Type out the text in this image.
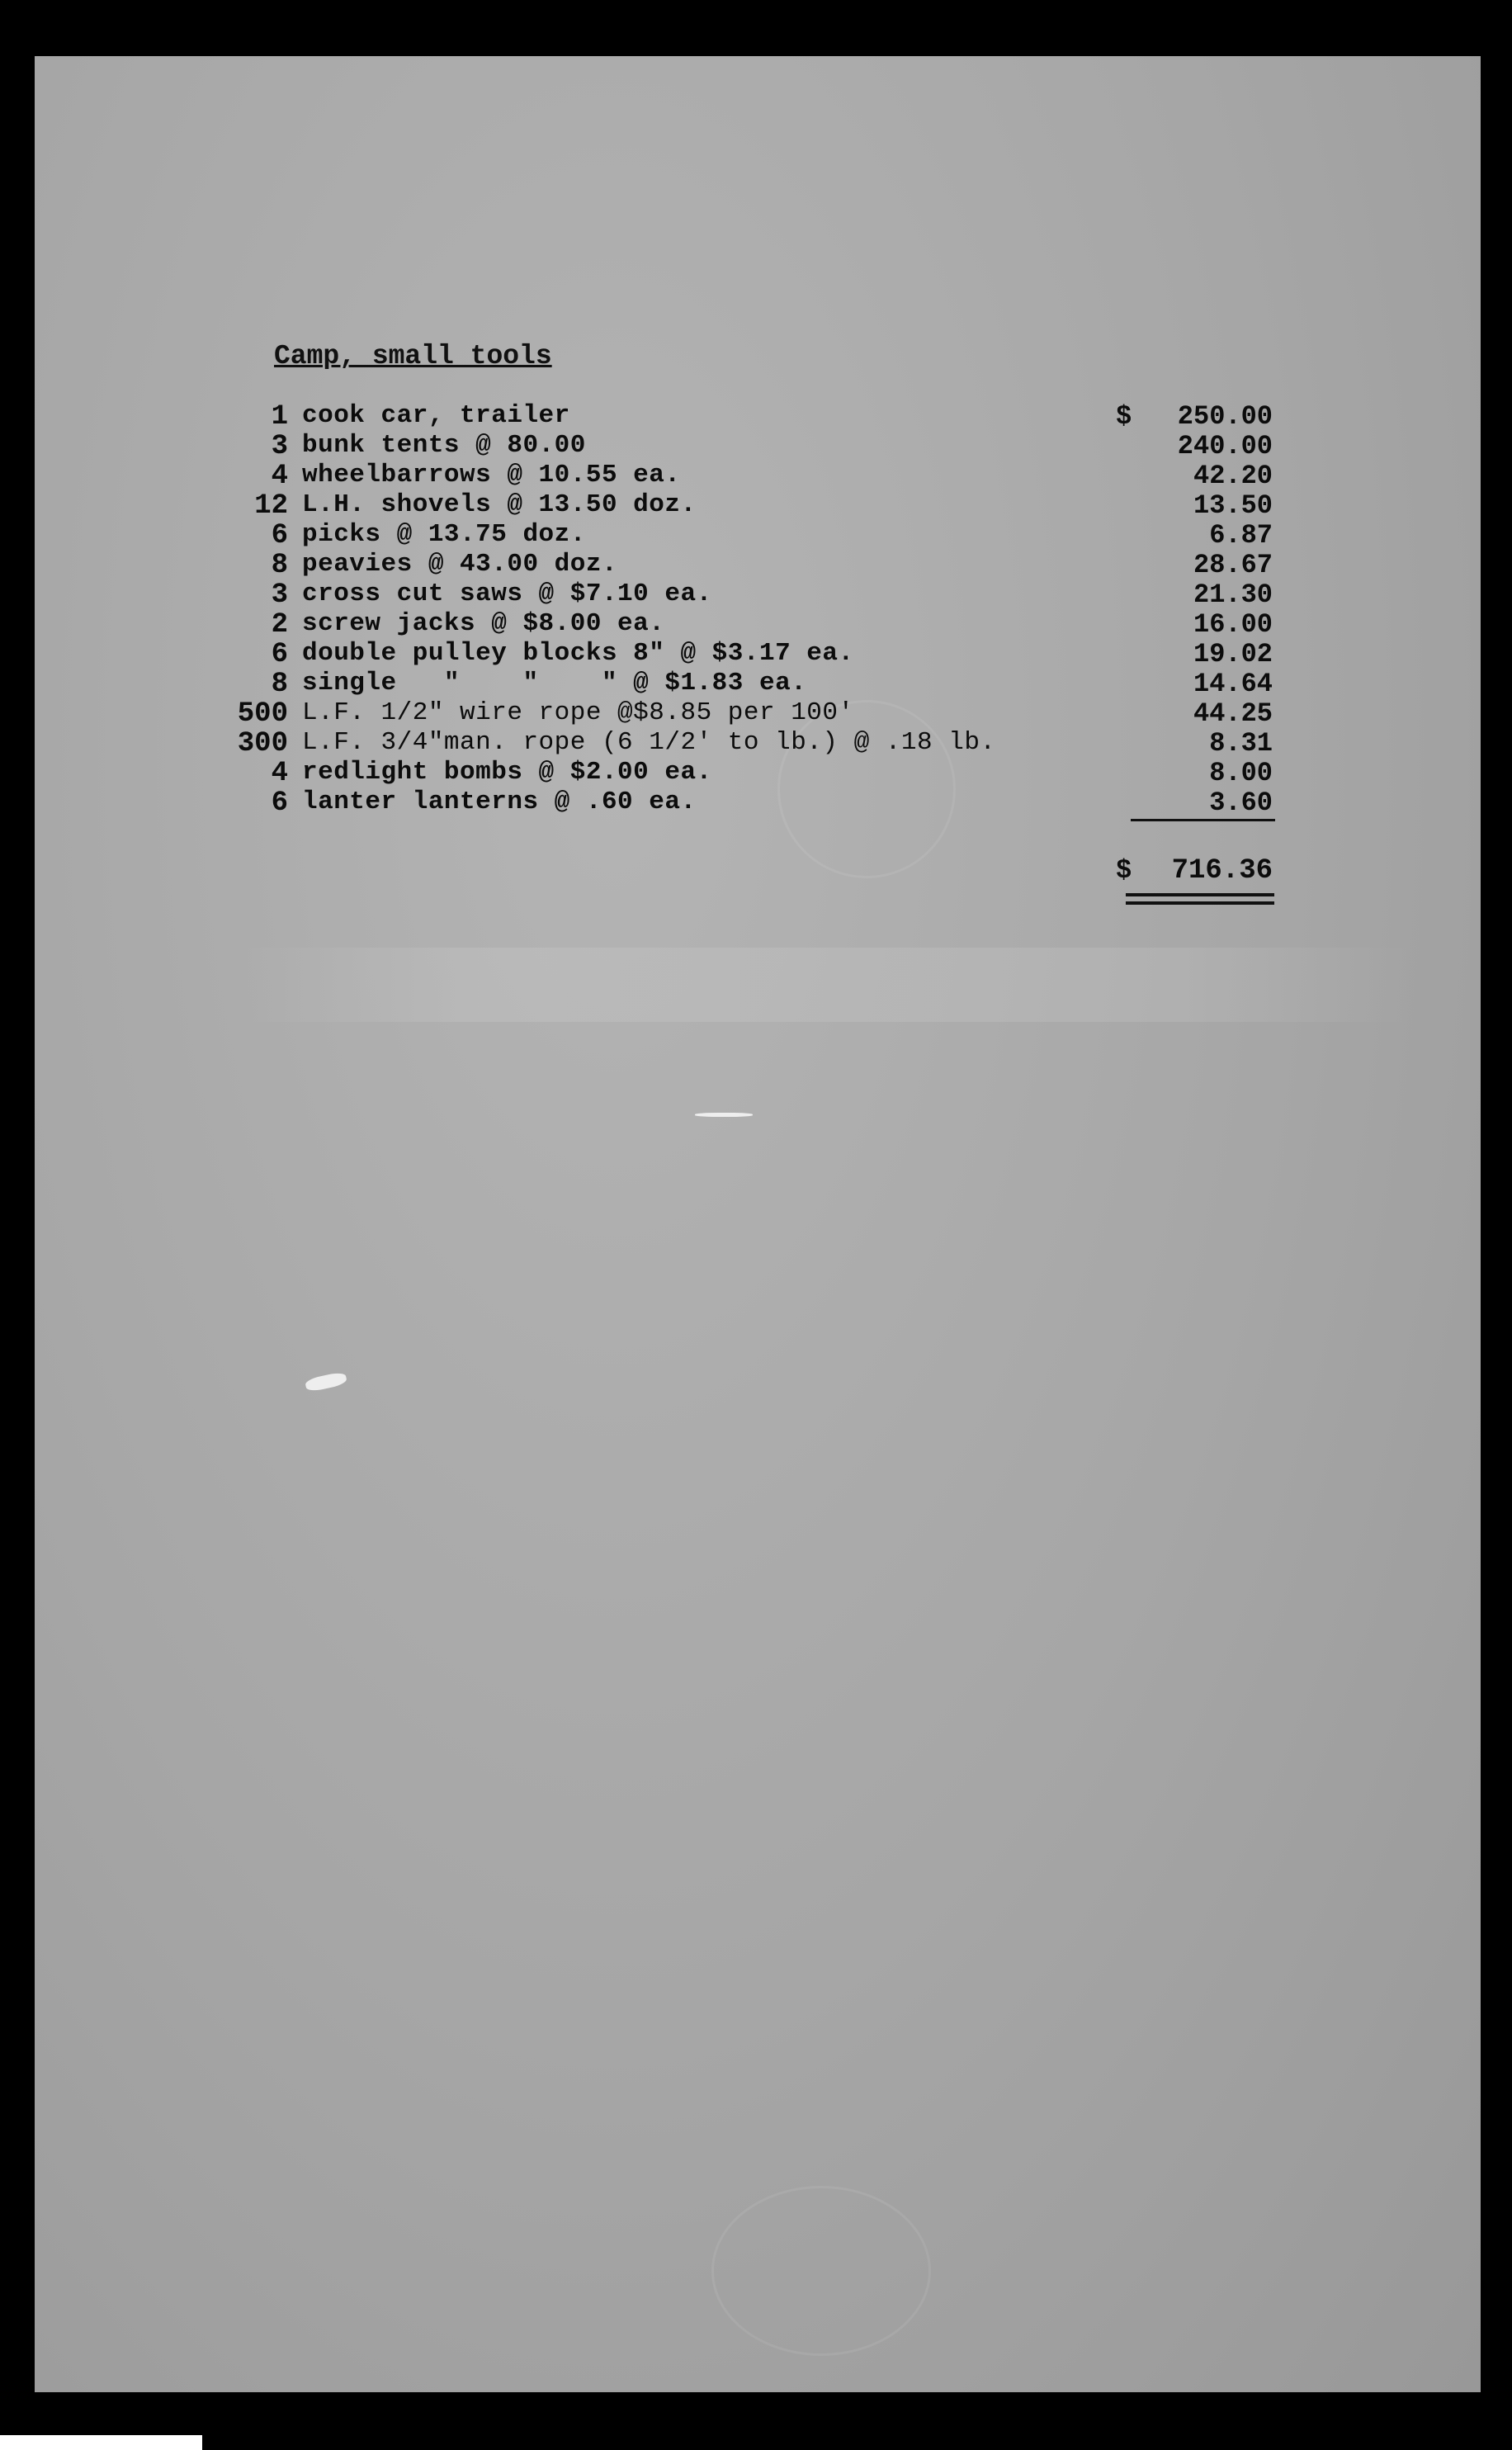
Camp, small tools
1 cook car, trailer	$ 250.00
3 bunk tents @ 80.00	240.00
4 wheelbarrows @ 10.55 ea.	42.20
12 L.H. shovels @ 13.50 doz.	13.50
6 picks @ 13.75 doz.	6.87
8 peavies @ 43.00 doz.	28.67
3 cross cut saws @ $7.10 ea.	21.30
2 screw jacks @ $8.00 ea.	16.00
6 double pulley blocks 8" @ $3.17 ea.	19.02
8 single   "    "    " @ $1.83 ea.	14.64
500 L.F. 1/2" wire rope @$8.85 per 100'	44.25
300 L.F. 3/4"man. rope (6 1/2' to lb.) @ .18 lb.	8.31
4 redlight bombs @ $2.00 ea.	8.00
6 lanter lanterns @ .60 ea.	3.60
$ 716.36
